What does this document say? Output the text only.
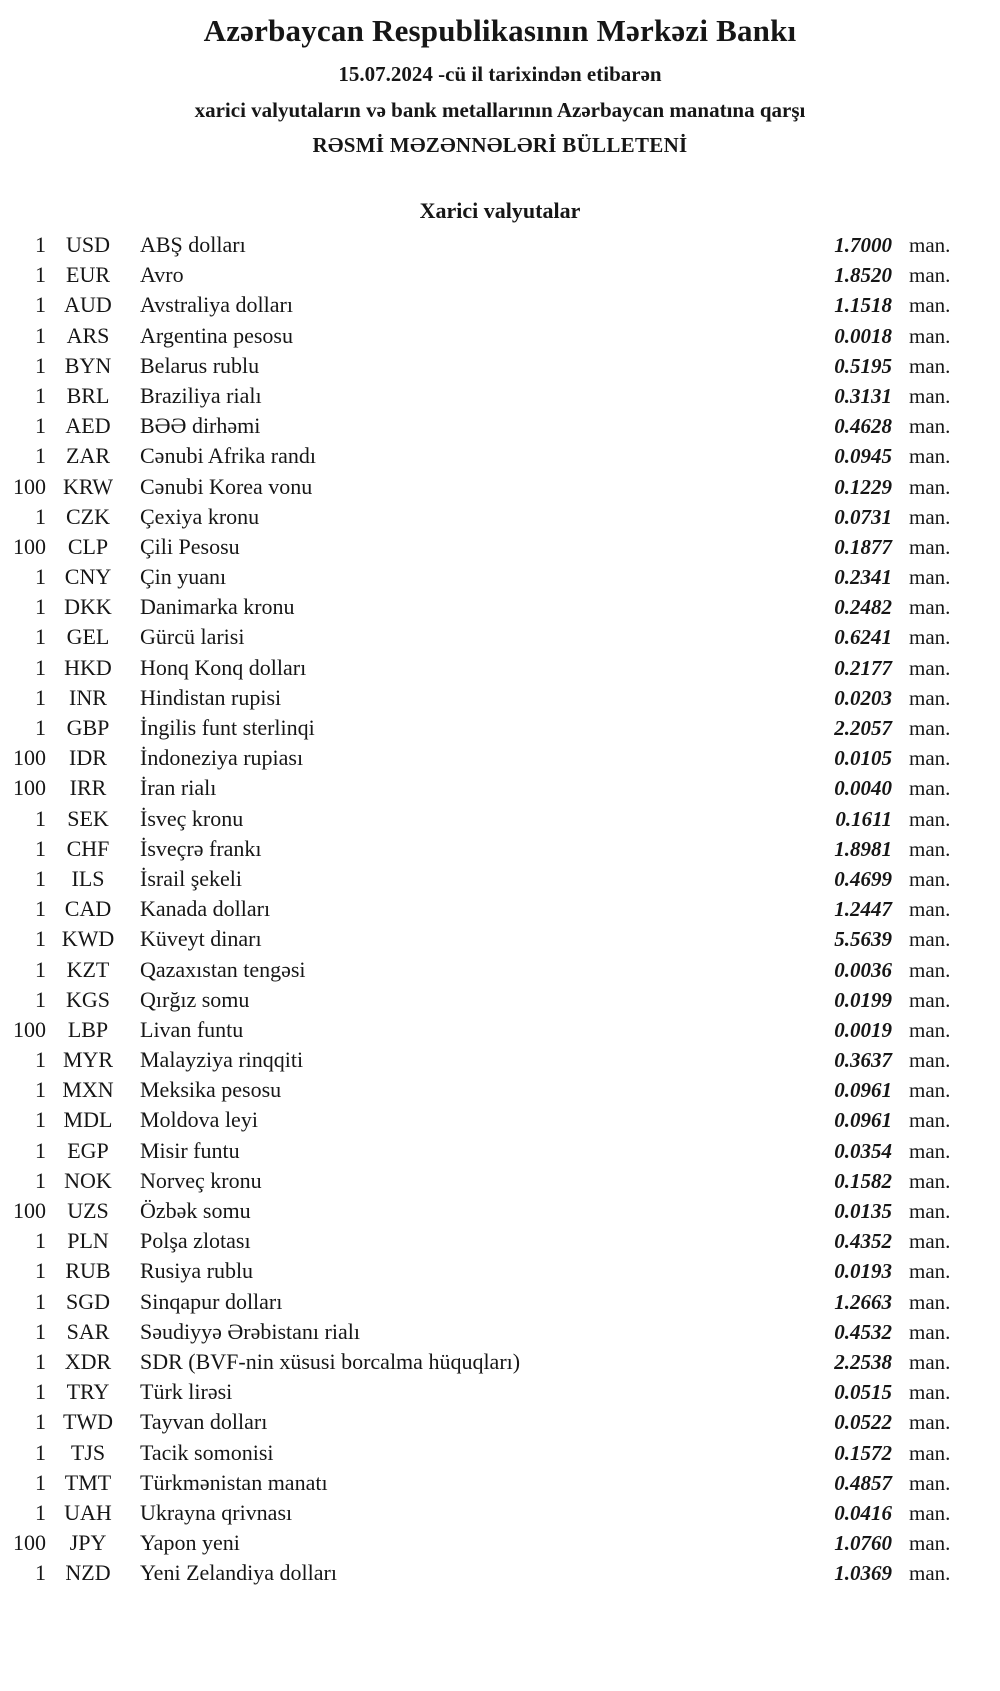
Azərbaycan Respublikasının Mərkəzi Bankı
15.07.2024 -cü il tarixindən etibarən
xarici valyutaların və bank metallarının Azərbaycan manatına qarşı
RƏSMİ MƏZƏNNƏLƏRİ BÜLLETENİ
Xarici valyutalar
1 USD	ABŞ dolları	1.7000 man.
1 EUR	Avro	1.8520 man.
1 AUD	Avstraliya dolları	1.1518 man.
1 ARS	Argentina pesosu	0.0018 man.
1 BYN	Belarus rublu	0.5195 man.
1 BRL	Braziliya rialı	0.3131 man.
1 AED	BƏƏ dirhəmi	0.4628 man.
1 ZAR	Cənubi Afrika randı	0.0945 man.
100 KRW	Cənubi Korea vonu	0.1229 man.
1 CZK	Çexiya kronu	0.0731 man.
100 CLP	Çili Pesosu	0.1877 man.
1 CNY	Çin yuanı	0.2341 man.
1 DKK	Danimarka kronu	0.2482 man.
1 GEL	Gürcü larisi	0.6241 man.
1 HKD	Honq Konq dolları	0.2177 man.
1	INR	Hindistan rupisi	0.0203 man.
1 GBP	İngilis funt sterlinqi	2.2057 man.
100	IDR	İndoneziya rupiası	0.0105 man.
100	IRR	İran rialı	0.0040 man.
1 SEK	İsveç kronu	0.1611 man.
1 CHF	İsveçrə frankı	1.8981 man.
1	ILS	İsrail şekeli	0.4699 man.
1 CAD	Kanada dolları	1.2447 man.
1 KWD	Küveyt dinarı	5.5639 man.
1 KZT	Qazaxıstan tengəsi	0.0036 man.
1 KGS	Qırğız somu	0.0199 man.
100 LBP	Livan funtu	0.0019 man.
1 MYR	Malayziya rinqqiti	0.3637 man.
1 MXN	Meksika pesosu	0.0961 man.
1 MDL	Moldova leyi	0.0961 man.
1 EGP	Misir funtu	0.0354 man.
1 NOK	Norveç kronu	0.1582 man.
100 UZS	Özbək somu	0.0135 man.
1 PLN	Polşa zlotası	0.4352 man.
1 RUB	Rusiya rublu	0.0193 man.
1 SGD	Sinqapur dolları	1.2663 man.
1 SAR	Səudiyyə Ərəbistanı rialı	0.4532 man.
1 XDR	SDR (BVF-nin xüsusi borcalma hüquqları)	2.2538 man.
1 TRY	Türk lirəsi	0.0515 man.
1 TWD	Tayvan dolları	0.0522 man.
1	TJS	Tacik somonisi	0.1572 man.
1 TMT	Türkmənistan manatı	0.4857 man.
1 UAH	Ukrayna qrivnası	0.0416 man.
100	JPY	Yapon yeni	1.0760 man.
1 NZD	Yeni Zelandiya dolları	1.0369 man.
